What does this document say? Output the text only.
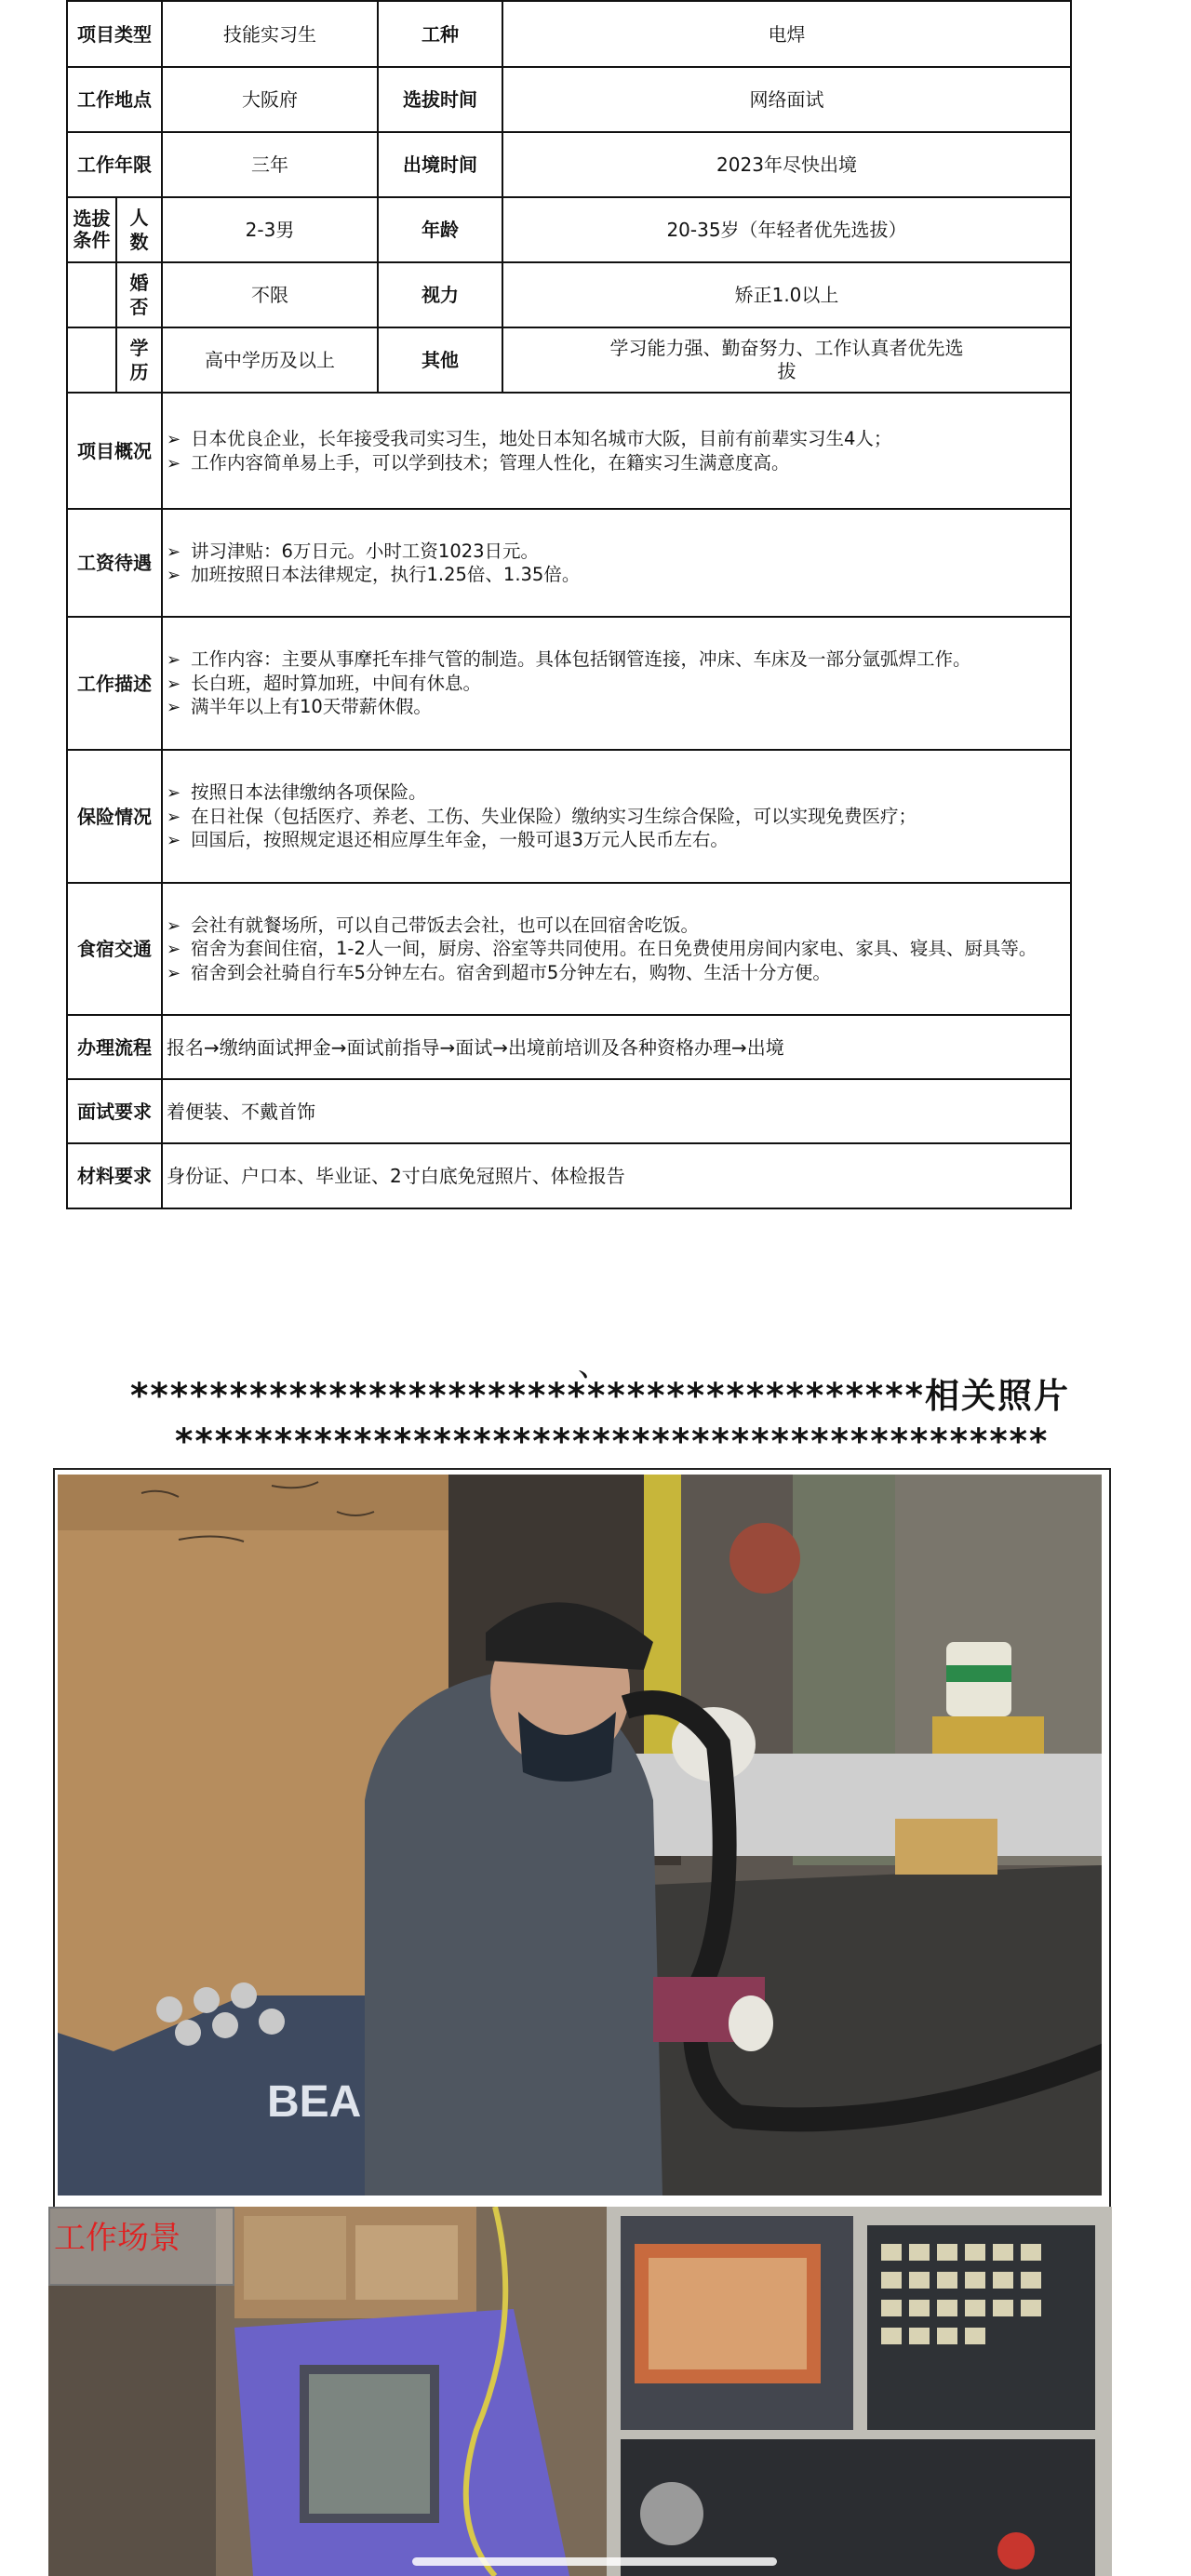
项目类型		技能实习生	工种	电焊
工作地点		大阪府	选拔时间	网络面试
工作年限		三年	出境时间	2023年尽快出境
选拔条件	人数	2-3男	年龄	20-35岁（年轻者优先选拔）
	婚否	不限	视力	矫正1.0以上
	学历	高中学历及以上	其他	学习能力强、勤奋努力、工作认真者优先选
拔
项目概况		➢ 日本优良企业，长年接受我司实习生，地处日本知名城市大阪，目前有前辈实习生4人；
➢ 工作内容简单易上手，可以学到技术；管理人性化，在籍实习生满意度高。		

工资待遇		➢ 讲习津贴：6万日元。小时工资1023日元。
➢ 加班按照日本法律规定，执行1.25倍、1.35倍。		

工作描述		➢ 工作内容：主要从事摩托车排气管的制造。具体包括钢管连接，冲床、车床及一部分氩弧焊工作。
➢ 长白班，超时算加班，中间有休息。
➢ 满半年以上有10天带薪休假。		

保险情况		➢ 按照日本法律缴纳各项保险。
➢ 在日社保（包括医疗、养老、工伤、失业保险）缴纳实习生综合保险，可以实现免费医疗；
➢ 回国后，按照规定退还相应厚生年金，一般可退3万元人民币左右。		

食宿交通		➢ 会社有就餐场所，可以自己带饭去会社，也可以在回宿舍吃饭。
➢ 宿舍为套间住宿，1-2人一间，厨房、浴室等共同使用。在日免费使用房间内家电、家具、寝具、厨具等。
➢ 宿舍到会社骑自行车5分钟左右。宿舍到超市5分钟左右，购物、生活十分方便。		

办理流程		报名→缴纳面试押金→面试前指导→面试→出境前培训及各种资格办理→出境		
面试要求		着便装、不戴首饰		
材料要求		身份证、户口本、毕业证、2寸白底免冠照片、体检报告		
、
****************************************相关照片
********************************************
BEA
工作场景
